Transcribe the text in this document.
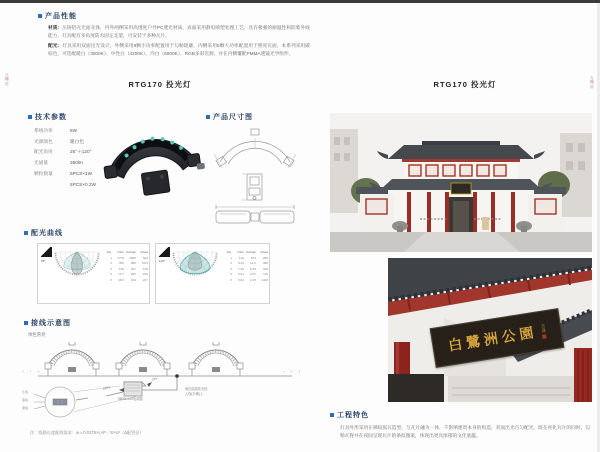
光
瑞
德
光
瑞
德
产品性能
材质：压铸铝壳光面壳体，内外两侧采用高透度户外PC透光材质，表面采用静电喷塑处理工艺，具有极强的耐温性和防紫外线能力，灯具配有多角度防水固定支架，可安装于多种瓦片。
配光：灯具采用双面出光设计，外侧采用9颗小功率配置用于勾勒轮廓，内侧采用5颗大功率配置用于照亮瓦面，本系列采用碳棕色，可选配暖白（3000K）、中性白（4200K）、冷白（6000K）、RGB多彩光源，并在内侧覆配PMMA透镜光学组件。
RTG170 投光灯	RTG170 投光灯
技术参数
系统功率	6W
光源颜色	暖白色
配光角度	25°＋120°
光通量	350lm
颗粒数量	5PCS×1W
5PCS×0.2W
产品尺寸图
配光曲线
25°
No.	lm/m lm/sqm	Class
1	1776	3026	663
2	358	856	50.5
3	136	367	136
4	70.7	381	196
5	46.5	109	227
120°
No.	lm/m lm/sqm	Class
1	126	872	286
2	6.23	14.2	388
3	1.35	6.38	428
4	0.61	2.67	718
5	0.62	2.25	1408
接线示意图
单色常亮
· · ·	· · ·
红线
蓝线
黑线
220V
24V
360W-24V电源器
就近电源处出线
入线(平砌)上
注：线路长度配线需求：w＝0.0175×L×P／S×U²（Δ配管径）
白鷺洲公園 言達
工程特色
灯具外形采用正梯纹弧瓦造型，与瓦片融为一体，不影响建筑本身的构造，双面出光巧匀配光，既在亮化瓦片的同时，勾勒瓦脊并在夜间呈现瓦片的条纹图案，体现出更具浓郁的文化底蕴。
